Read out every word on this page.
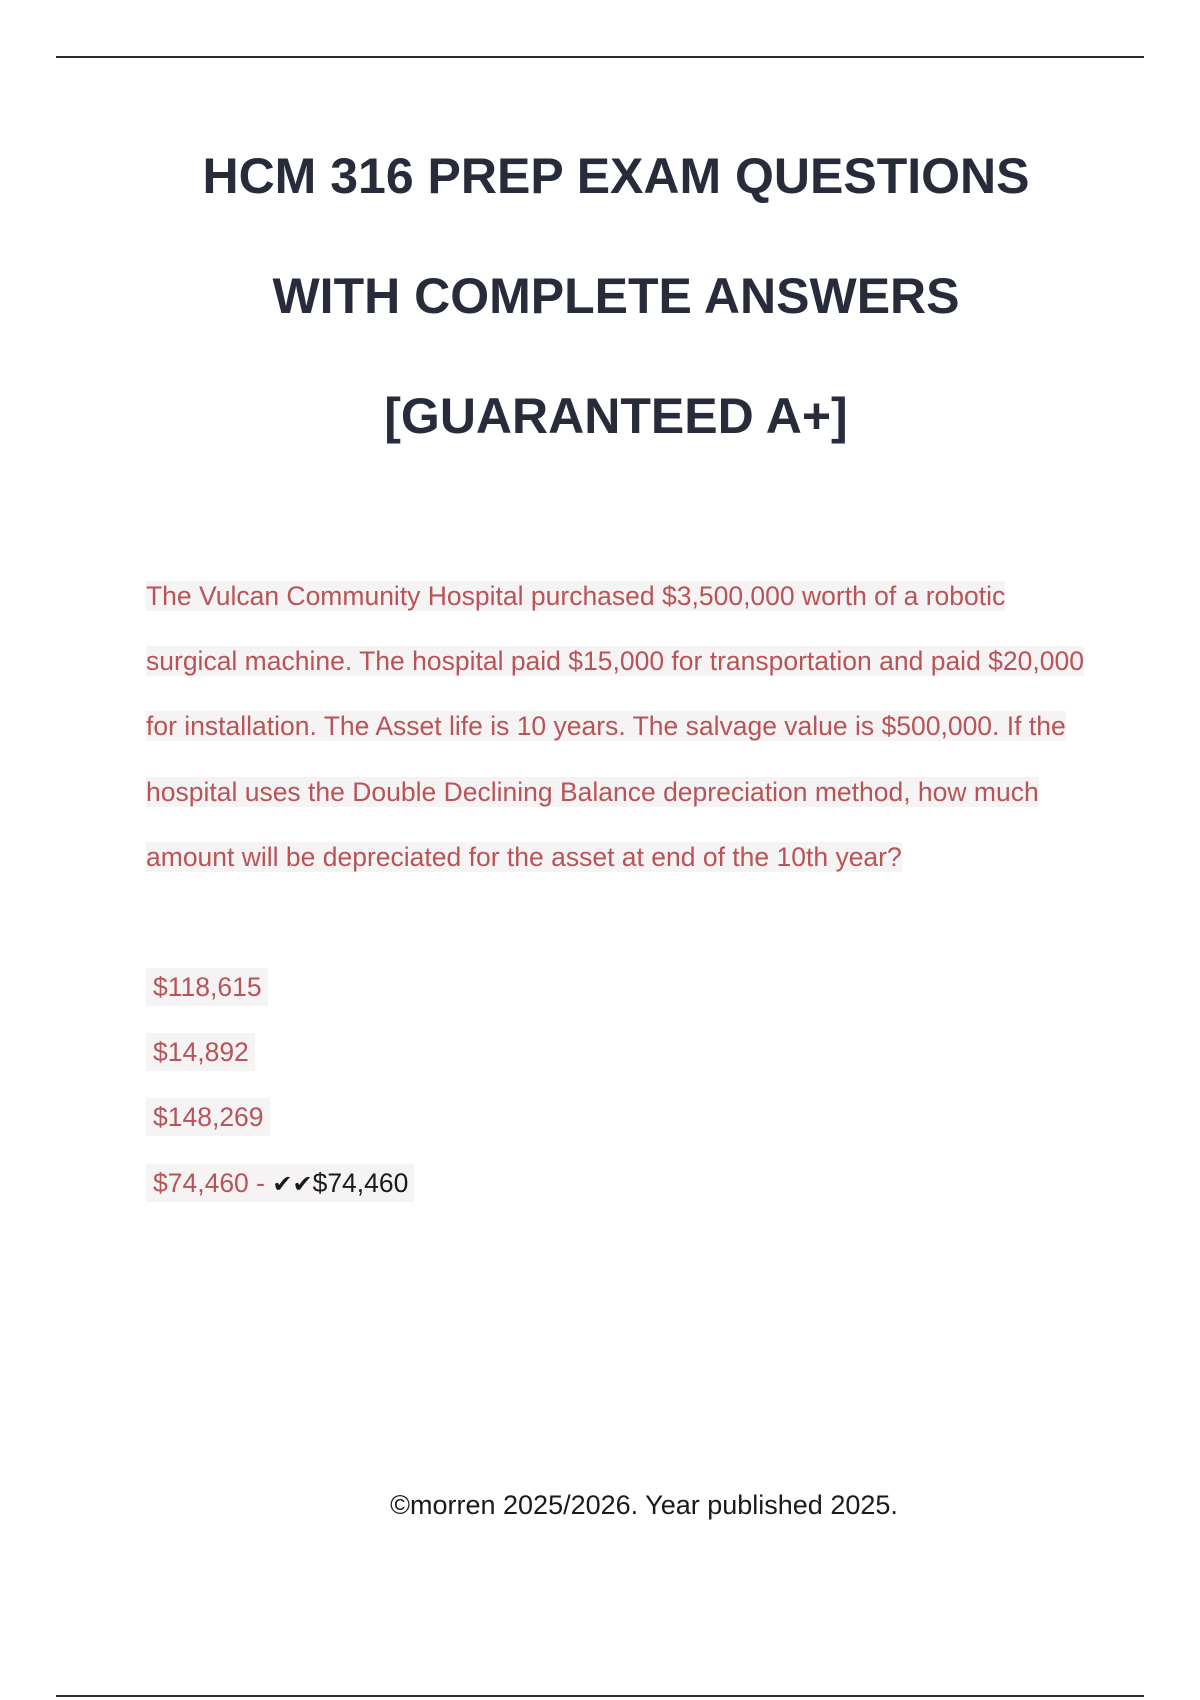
HCM 316 PREP EXAM QUESTIONS
WITH COMPLETE ANSWERS
[GUARANTEED A+]

The Vulcan Community Hospital purchased $3,500,000 worth of a robotic surgical machine. The hospital paid $15,000 for transportation and paid $20,000 for installation. The Asset life is 10 years. The salvage value is $500,000. If the hospital uses the Double Declining Balance depreciation method, how much amount will be depreciated for the asset at end of the 10th year?

$118,615
$14,892
$148,269
$74,460 - ✔✔$74,460

©morren 2025/2026. Year published 2025.
